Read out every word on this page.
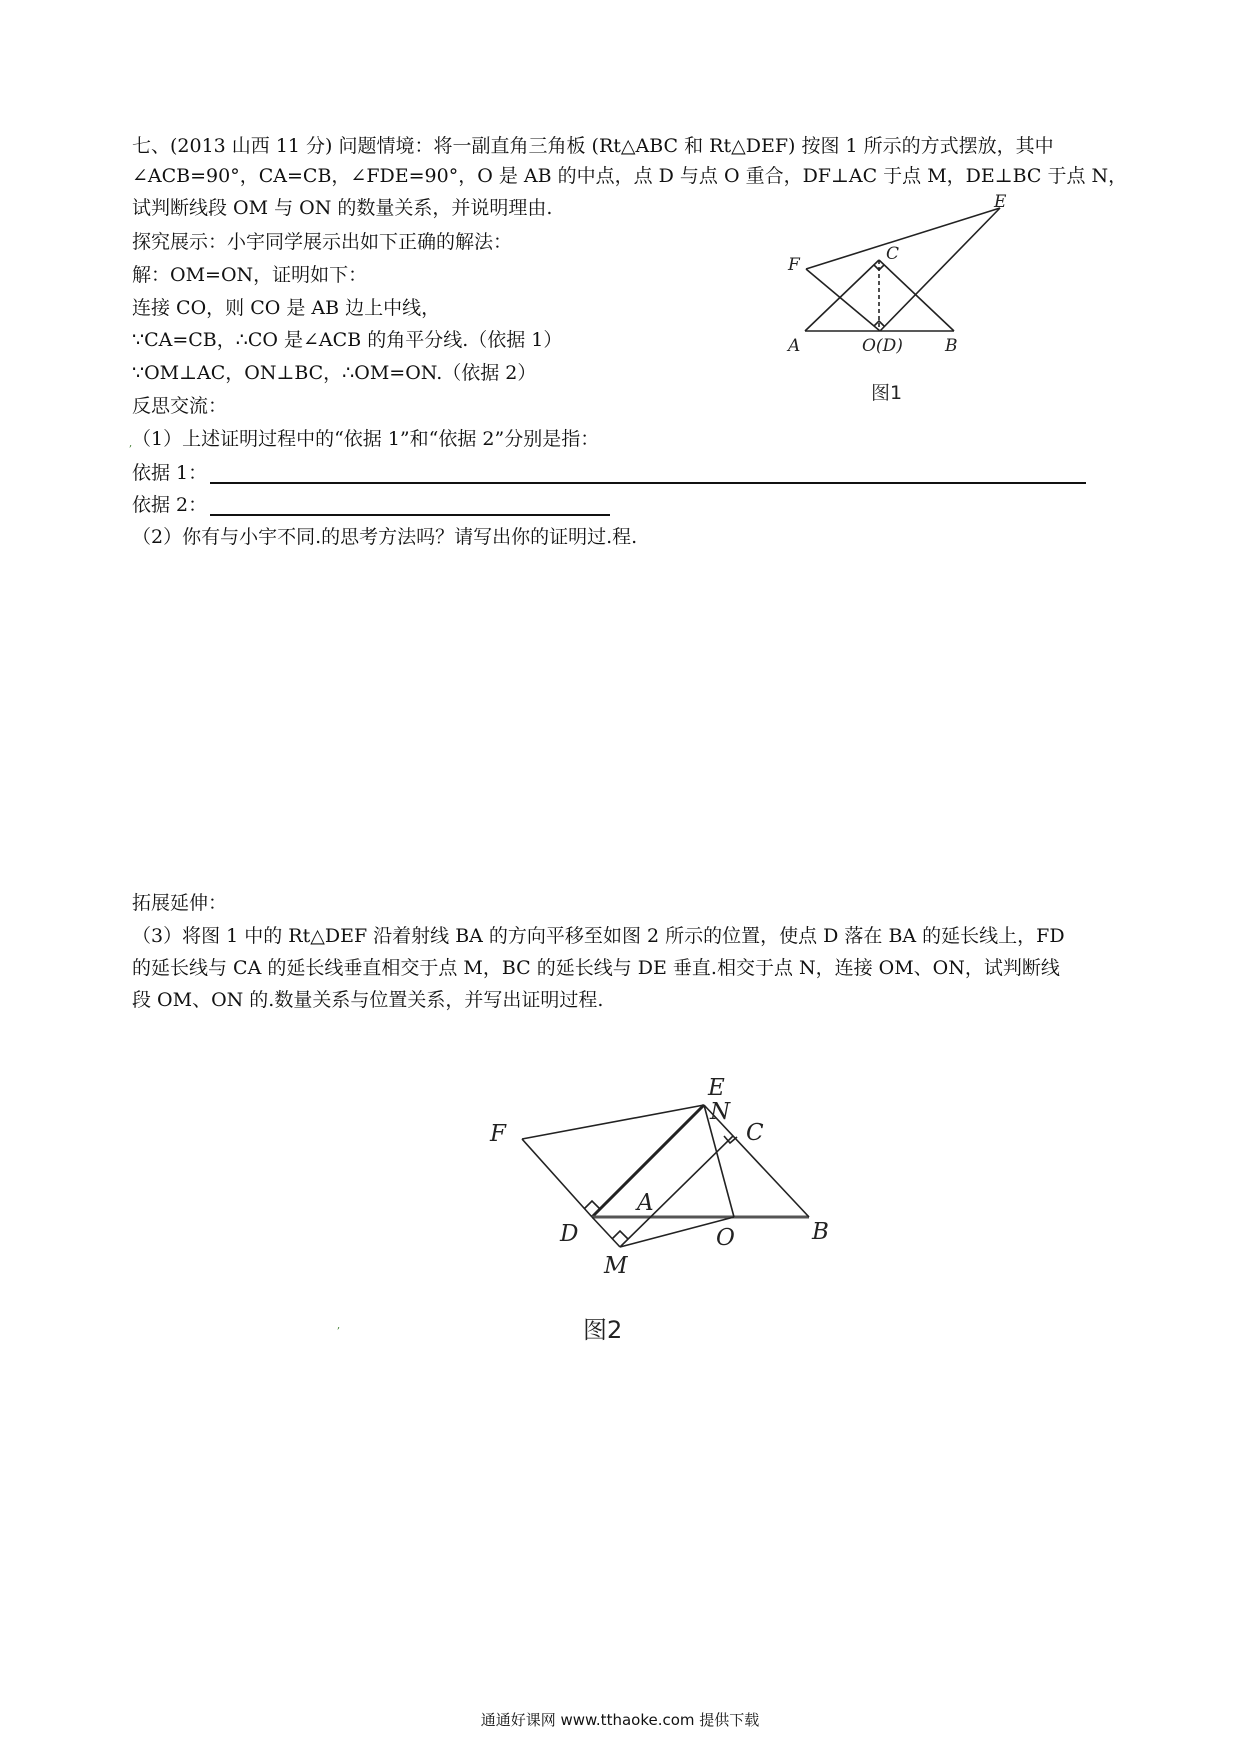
七、(2013 山西 11 分) 问题情境：将一副直角三角板 (Rt△ABC 和 Rt△DEF) 按图 1 所示的方式摆放，其中
∠ACB=90°，CA=CB，∠FDE=90°，O 是 AB 的中点，点 D 与点 O 重合，DF⊥AC 于点 M，DE⊥BC 于点 N，
试判断线段 OM 与 ON 的数量关系，并说明理由.
探究展示：小宇同学展示出如下正确的解法：
解：OM=ON，证明如下：
连接 CO，则 CO 是 AB 边上中线，
∵CA=CB，∴CO 是∠ACB 的角平分线.（依据 1）
∵OM⊥AC，ON⊥BC，∴OM=ON.（依据 2）
反思交流：
（1）上述证明过程中的“依据 1”和“依据 2”分别是指：
依据 1：
依据 2：
（2）你有与小宇不同.的思考方法吗？请写出你的证明过.程.
拓展延伸：
（3）将图 1 中的 Rt△DEF 沿着射线 BA 的方向平移至如图 2 所示的位置，使点 D 落在 BA 的延长线上，FD
的延长线与 CA 的延长线垂直相交于点 M，BC 的延长线与 DE 垂直.相交于点 N，连接 OM、ON，试判断线
段 OM、ON 的.数量关系与位置关系，并写出证明过程.
,
,
E
F
C
A	O(D) B
图1
E
N
C
F
A
D	O	B
M
图2
通通好课网 www.tthaoke.com 提供下载
